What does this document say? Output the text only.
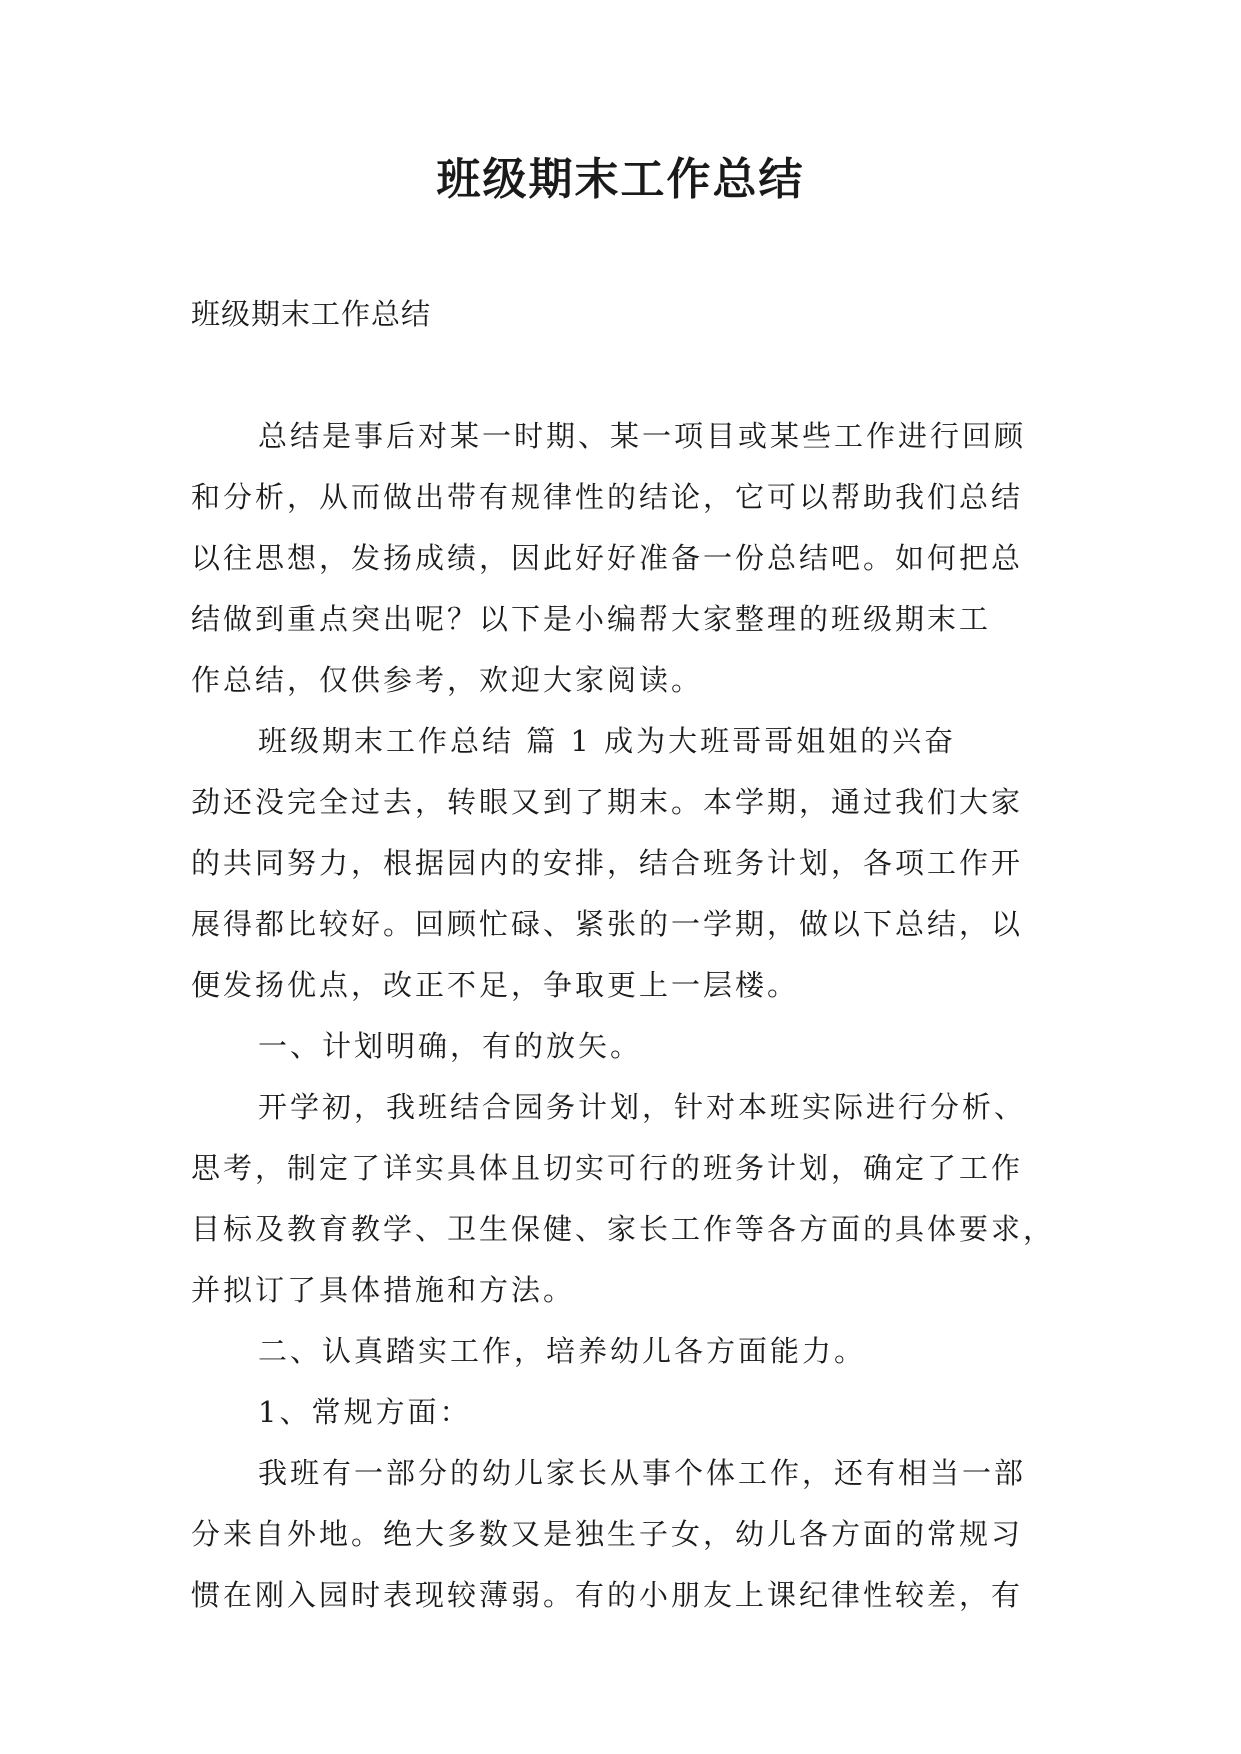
班级期末工作总结

班级期末工作总结

总结是事后对某一时期、某一项目或某些工作进行回顾
和分析，从而做出带有规律性的结论，它可以帮助我们总结
以往思想，发扬成绩，因此好好准备一份总结吧。如何把总
结做到重点突出呢？以下是小编帮大家整理的班级期末工
作总结，仅供参考，欢迎大家阅读。
班级期末工作总结 篇 1 成为大班哥哥姐姐的兴奋
劲还没完全过去，转眼又到了期末。本学期，通过我们大家
的共同努力，根据园内的安排，结合班务计划，各项工作开
展得都比较好。回顾忙碌、紧张的一学期，做以下总结，以
便发扬优点，改正不足，争取更上一层楼。
一、计划明确，有的放矢。
开学初，我班结合园务计划，针对本班实际进行分析、
思考，制定了详实具体且切实可行的班务计划，确定了工作
目标及教育教学、卫生保健、家长工作等各方面的具体要求，
并拟订了具体措施和方法。
二、认真踏实工作，培养幼儿各方面能力。
1、常规方面：
我班有一部分的幼儿家长从事个体工作，还有相当一部
分来自外地。绝大多数又是独生子女，幼儿各方面的常规习
惯在刚入园时表现较薄弱。有的小朋友上课纪律性较差，有
